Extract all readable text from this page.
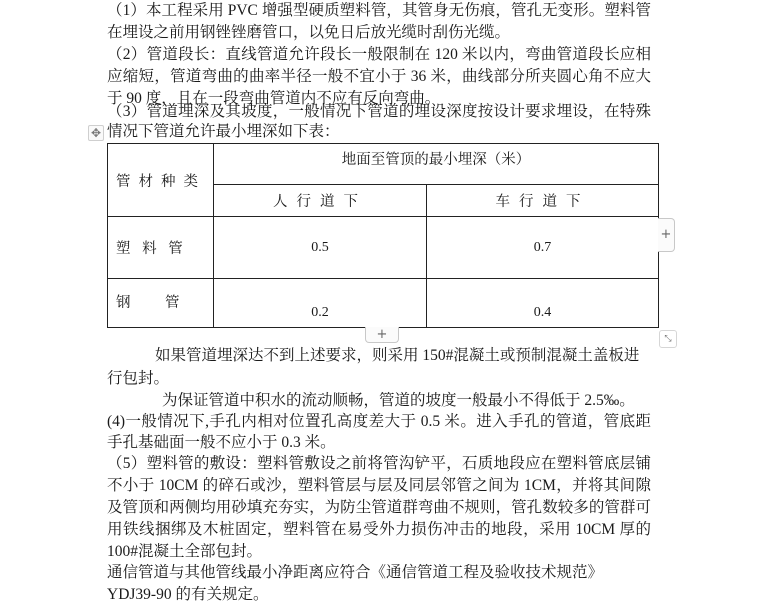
（1）本工程采用 PVC 增强型硬质塑料管，其管身无伤痕，管孔无变形。塑料管
在埋设之前用钢锉锉磨管口，以免日后放光缆时刮伤光缆。
（2）管道段长：直线管道允许段长一般限制在 120 米以内，弯曲管道段长应相
应缩短，管道弯曲的曲率半径一般不宜小于 36 米，曲线部分所夹圆心角不应大
于 90 度，且在一段弯曲管道内不应有反向弯曲。
（3）管道埋深及其坡度，一般情况下管道的埋设深度按设计要求埋设，在特殊
情况下管道允许最小埋深如下表：
✥
管材种类	地面至管顶的最小埋深（米）	
	人行道下	车行道下
塑 料 管	0.5	0.7
钢    管	0.2	0.4
+
+	⤡
如果管道埋深达不到上述要求，则采用 150#混凝土或预制混凝土盖板进
行包封。
为保证管道中积水的流动顺畅，管道的坡度一般最小不得低于 2.5‰。
(4)一般情况下,手孔内相对位置孔高度差大于 0.5 米。进入手孔的管道，管底距
手孔基础面一般不应小于 0.3 米。
（5）塑料管的敷设：塑料管敷设之前将管沟铲平，石质地段应在塑料管底层铺
不小于 10CM 的碎石或沙，塑料管层与层及同层邻管之间为 1CM，并将其间隙
及管顶和两侧均用砂填充夯实，为防尘管道群弯曲不规则，管孔数较多的管群可
用铁线捆绑及木桩固定，塑料管在易受外力损伤冲击的地段，采用 10CM 厚的
100#混凝土全部包封。
通信管道与其他管线最小净距离应符合《通信管道工程及验收技术规范》
YDJ39-90 的有关规定。
